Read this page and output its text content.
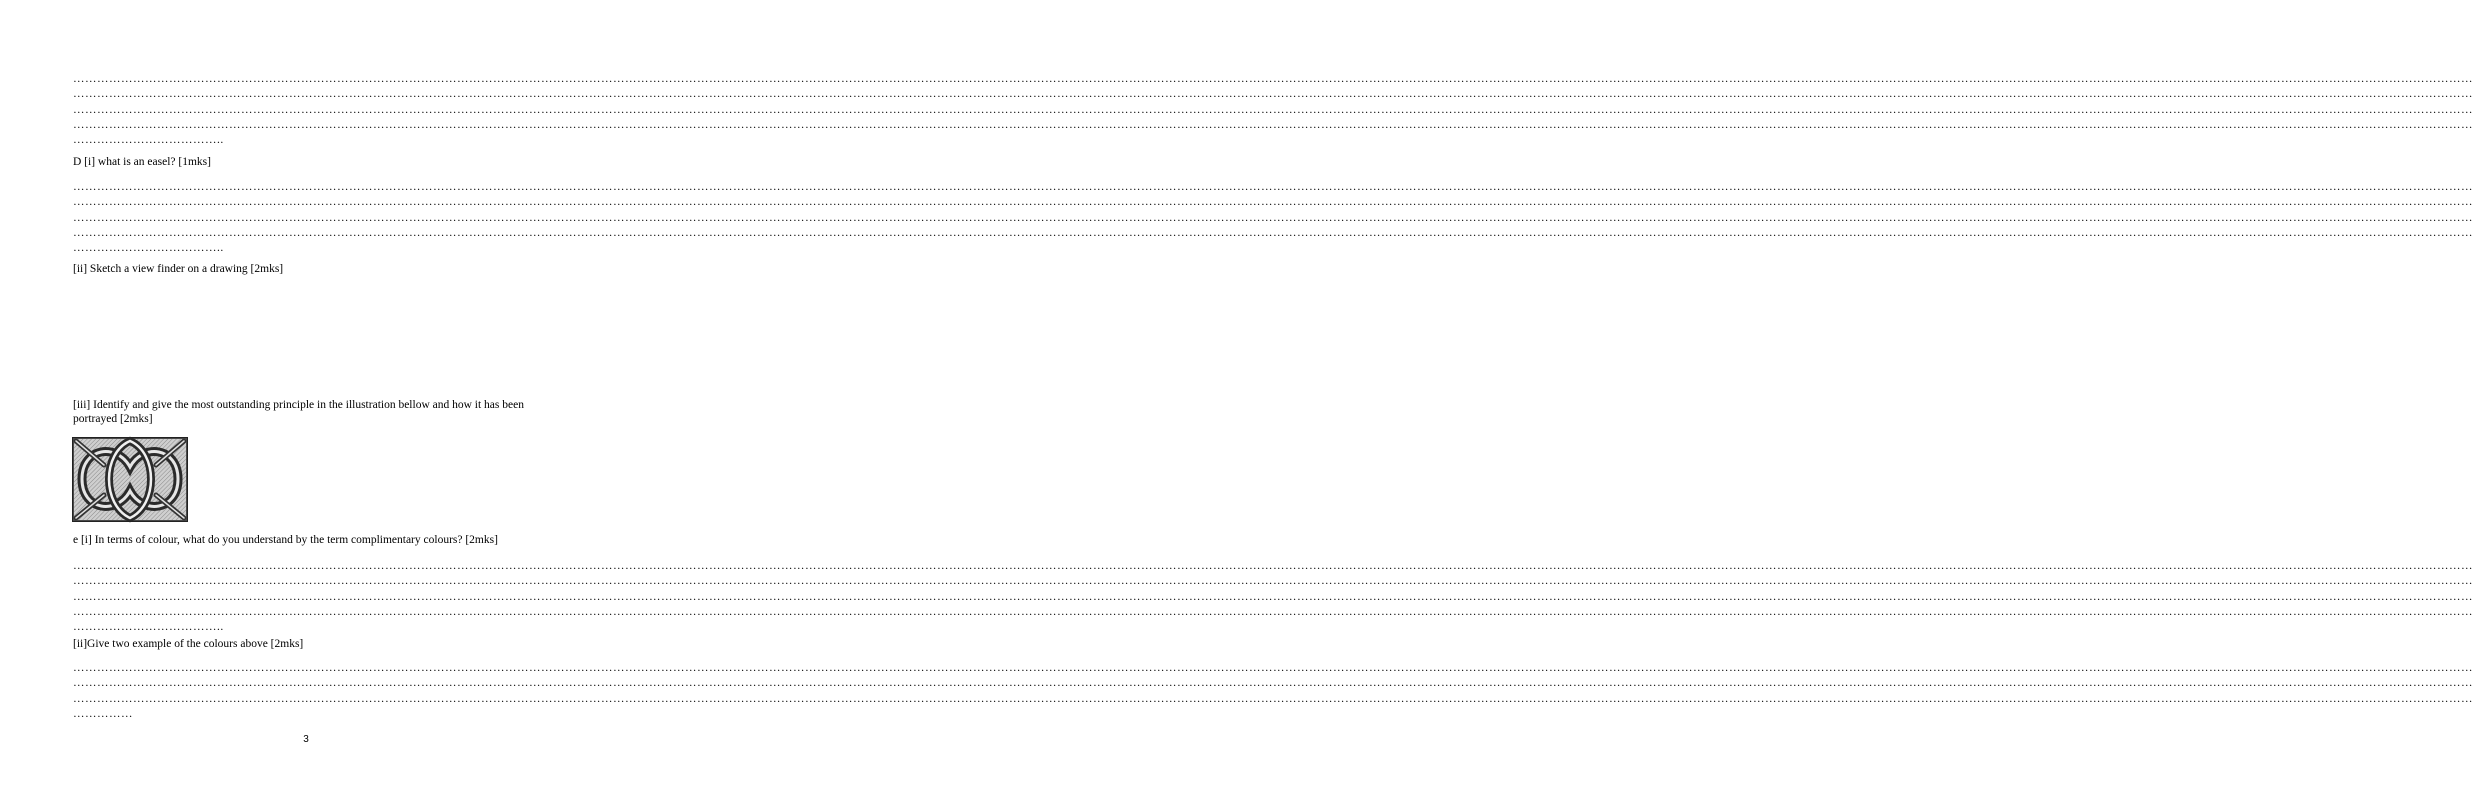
……………………………………………………………………………………………………………………………………………………………………………………………………………………………………………………………………………………………………………………………………………………………………………………………………………………………………………………………………………………………………………………………………………………
……………………………………………………………………………………………………………………………………………………………………………………………………………………………………………………………………………………………………………………………………………………………………………………………………………………………………………………………………………………………………………………………………………………
……………………………………………………………………………………………………………………………………………………………………………………………………………………………………………………………………………………………………………………………………………………………………………………………………………………………………………………………………………………………………………………………………………………
……………………………………………………………………………………………………………………………………………………………………………………………………………………………………………………………………………………………………………………………………………………………………………………………………………………………………………………………………………………………………………………………………………………
………………………………..
……………………………………………………………………………………………………………………………………………………………………………………………………………………………………………………………………………………………………………………………………………………………………………………………………………………………………………………………………………………………………………………………………………………
……………………………………………………………………………………………………………………………………………………………………………………………………………………………………………………………………………………………………………………………………………………………………………………………………………………………………………………………………………………………………………………………………………………
……………………………………………………………………………………………………………………………………………………………………………………………………………………………………………………………………………………………………………………………………………………………………………………………………………………………………………………………………………………………………………………………………………………
……………………………………………………………………………………………………………………………………………………………………………………………………………………………………………………………………………………………………………………………………………………………………………………………………………………………………………………………………………………………………………………………………………………
………………………………..
……………………………………………………………………………………………………………………………………………………………………………………………………………………………………………………………………………………………………………………………………………………………………………………………………………………………………………………………………………………………………………………………………………………
……………………………………………………………………………………………………………………………………………………………………………………………………………………………………………………………………………………………………………………………………………………………………………………………………………………………………………………………………………………………………………………………………………………
……………………………………………………………………………………………………………………………………………………………………………………………………………………………………………………………………………………………………………………………………………………………………………………………………………………………………………………………………………………………………………………………………………………
……………………………………………………………………………………………………………………………………………………………………………………………………………………………………………………………………………………………………………………………………………………………………………………………………………………………………………………………………………………………………………………………………………………
………………………………..
……………………………………………………………………………………………………………………………………………………………………………………………………………………………………………………………………………………………………………………………………………………………………………………………………………………………………………………………………………………………………………………………………………………
……………………………………………………………………………………………………………………………………………………………………………………………………………………………………………………………………………………………………………………………………………………………………………………………………………………………………………………………………………………………………………………………………………………
……………………………………………………………………………………………………………………………………………………………………………………………………………………………………………………………………………………………………………………………………………………………………………………………………………………………………………………………………………………………………………………………………………………
……………
D [i] what is an easel? [1mks]
[ii] Sketch a view finder on a drawing [2mks]
[iii] Identify and give the most outstanding principle in the illustration bellow and how it has been portrayed [2mks]
e [i] In terms of colour, what do you understand by the term complimentary colours? [2mks]
[ii]Give two example of the colours above [2mks]
3
